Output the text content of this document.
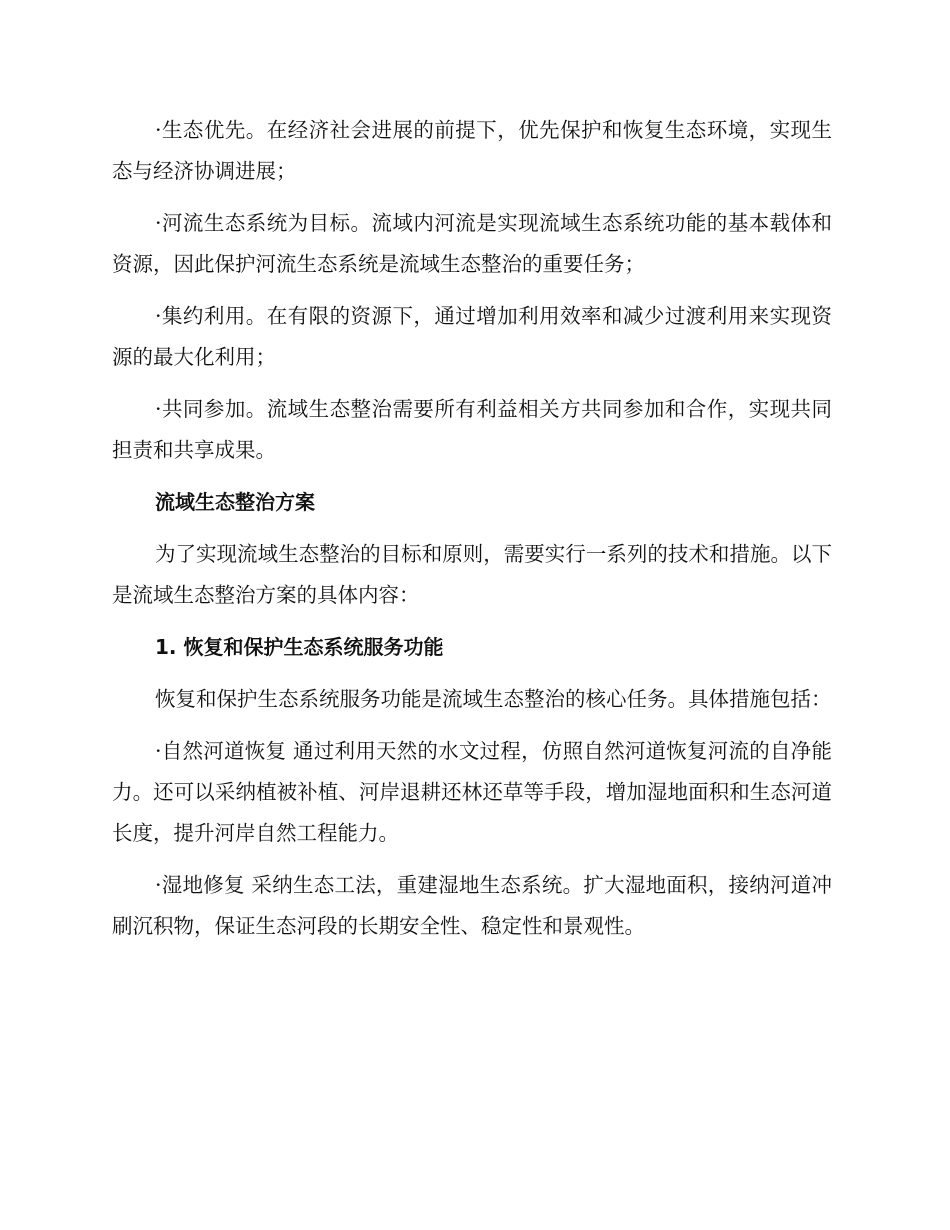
·生态优先。在经济社会进展的前提下，优先保护和恢复生态环境，实现生态与经济协调进展；

·河流生态系统为目标。流域内河流是实现流域生态系统功能的基本载体和资源，因此保护河流生态系统是流域生态整治的重要任务；

·集约利用。在有限的资源下，通过增加利用效率和减少过渡利用来实现资源的最大化利用；

·共同参加。流域生态整治需要所有利益相关方共同参加和合作，实现共同担责和共享成果。

流域生态整治方案

为了实现流域生态整治的目标和原则，需要实行一系列的技术和措施。以下是流域生态整治方案的具体内容：

1. 恢复和保护生态系统服务功能

恢复和保护生态系统服务功能是流域生态整治的核心任务。具体措施包括：

·自然河道恢复 通过利用天然的水文过程，仿照自然河道恢复河流的自净能力。还可以采纳植被补植、河岸退耕还林还草等手段，增加湿地面积和生态河道长度，提升河岸自然工程能力。

·湿地修复 采纳生态工法，重建湿地生态系统。扩大湿地面积，接纳河道冲刷沉积物，保证生态河段的长期安全性、稳定性和景观性。
